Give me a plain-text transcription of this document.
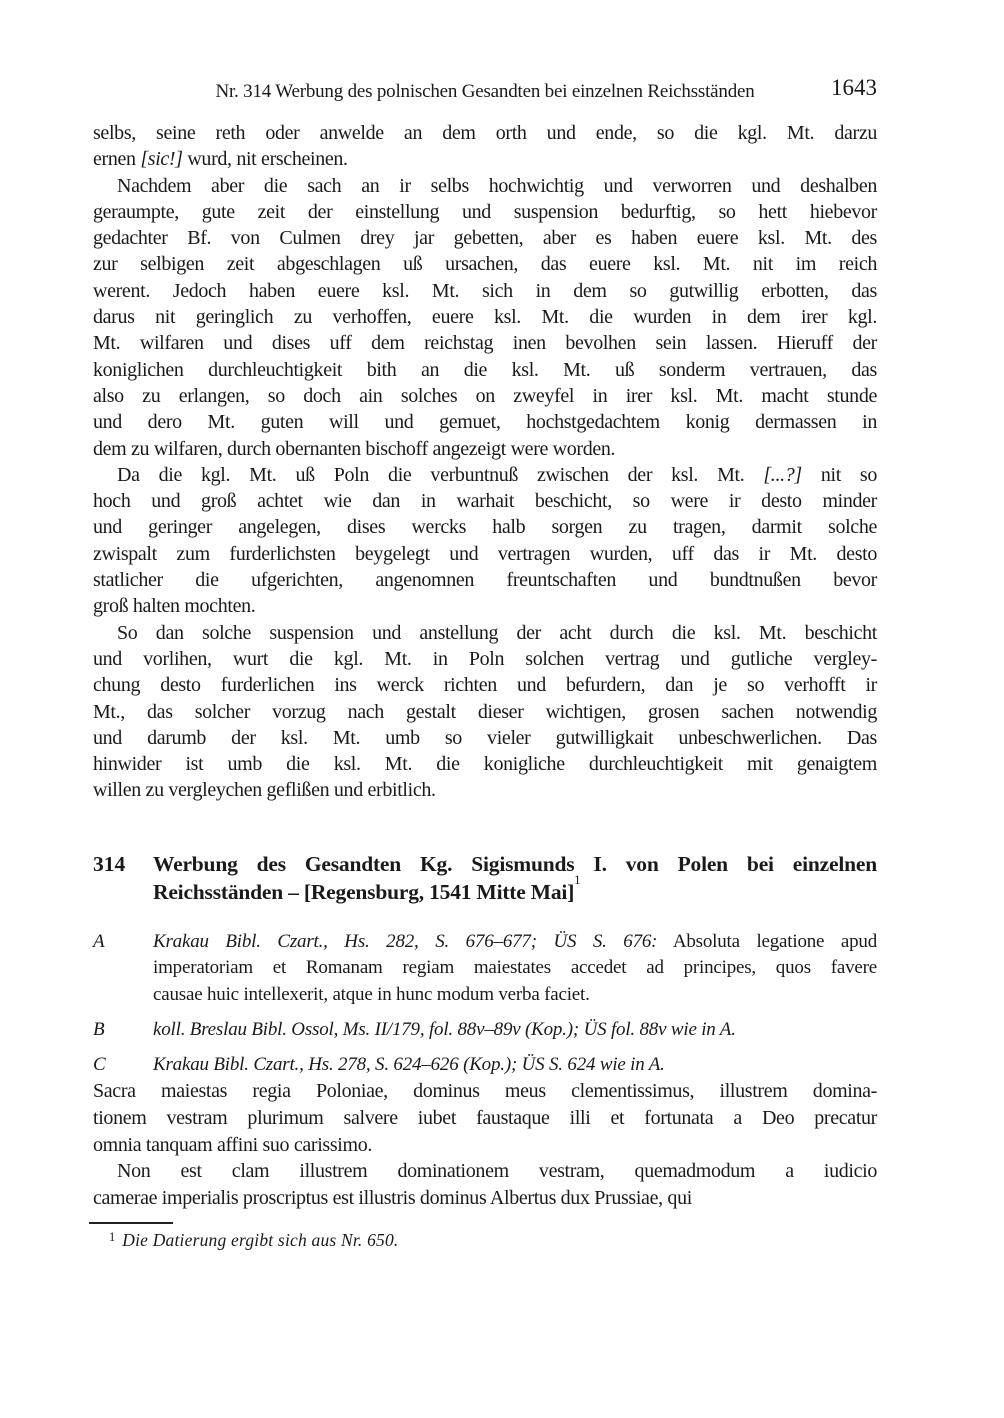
Nr. 314 Werbung des polnischen Gesandten bei einzelnen Reichsständen	1643
selbs, seine reth oder anwelde an dem orth und ende, so die kgl. Mt. darzu
ernen [sic!] wurd, nit erscheinen.
Nachdem aber die sach an ir selbs hochwichtig und verworren und deshalben
geraumpte, gute zeit der einstellung und suspension bedurftig, so hett hiebevor
gedachter Bf. von Culmen drey jar gebetten, aber es haben euere ksl. Mt. des
zur selbigen zeit abgeschlagen uß ursachen, das euere ksl. Mt. nit im reich
werent. Jedoch haben euere ksl. Mt. sich in dem so gutwillig erbotten, das
darus nit geringlich zu verhoffen, euere ksl. Mt. die wurden in dem irer kgl.
Mt. wilfaren und dises uff dem reichstag inen bevolhen sein lassen. Hieruff der
koniglichen durchleuchtigkeit bith an die ksl. Mt. uß sonderm vertrauen, das
also zu erlangen, so doch ain solches on zweyfel in irer ksl. Mt. macht stunde
und dero Mt. guten will und gemuet, hochstgedachtem konig dermassen in
dem zu wilfaren, durch obernanten bischoff angezeigt were worden.
Da die kgl. Mt. uß Poln die verbuntnuß zwischen der ksl. Mt. [...?] nit so
hoch und groß achtet wie dan in warhait beschicht, so were ir desto minder
und geringer angelegen, dises wercks halb sorgen zu tragen, darmit solche
zwispalt zum furderlichsten beygelegt und vertragen wurden, uff das ir Mt. desto
statlicher die ufgerichten, angenomnen freuntschaften und bundtnußen bevor
groß halten mochten.
So dan solche suspension und anstellung der acht durch die ksl. Mt. beschicht
und vorlihen, wurt die kgl. Mt. in Poln solchen vertrag und gutliche vergley-
chung desto furderlichen ins werck richten und befurdern, dan je so verhofft ir
Mt., das solcher vorzug nach gestalt dieser wichtigen, grosen sachen notwendig
und darumb der ksl. Mt. umb so vieler gutwilligkait unbeschwerlichen. Das
hinwider ist umb die ksl. Mt. die konigliche durchleuchtigkeit mit genaigtem
willen zu vergleychen geflißen und erbitlich.
314	Werbung des Gesandten Kg. Sigismunds I. von Polen bei einzelnen
Reichsständen – [Regensburg, 1541 Mitte Mai]$^1$
A	Krakau Bibl. Czart., Hs. 282, S. 676–677; ÜS S. 676: Absoluta legatione apud
imperatoriam et Romanam regiam maiestates accedet ad principes, quos favere
causae huic intellexerit, atque in hunc modum verba faciet.
B	koll. Breslau Bibl. Ossol, Ms. II/179, fol. 88v–89v (Kop.); ÜS fol. 88v wie in A.
C	Krakau Bibl. Czart., Hs. 278, S. 624–626 (Kop.); ÜS S. 624 wie in A.
Sacra maiestas regia Poloniae, dominus meus clementissimus, illustrem domina-
tionem vestram plurimum salvere iubet faustaque illi et fortunata a Deo precatur
omnia tanquam affini suo carissimo.
Non est clam illustrem dominationem vestram, quemadmodum a iudicio
camerae imperialis proscriptus est illustris dominus Albertus dux Prussiae, qui
$^1$ Die Datierung ergibt sich aus Nr. 650.
